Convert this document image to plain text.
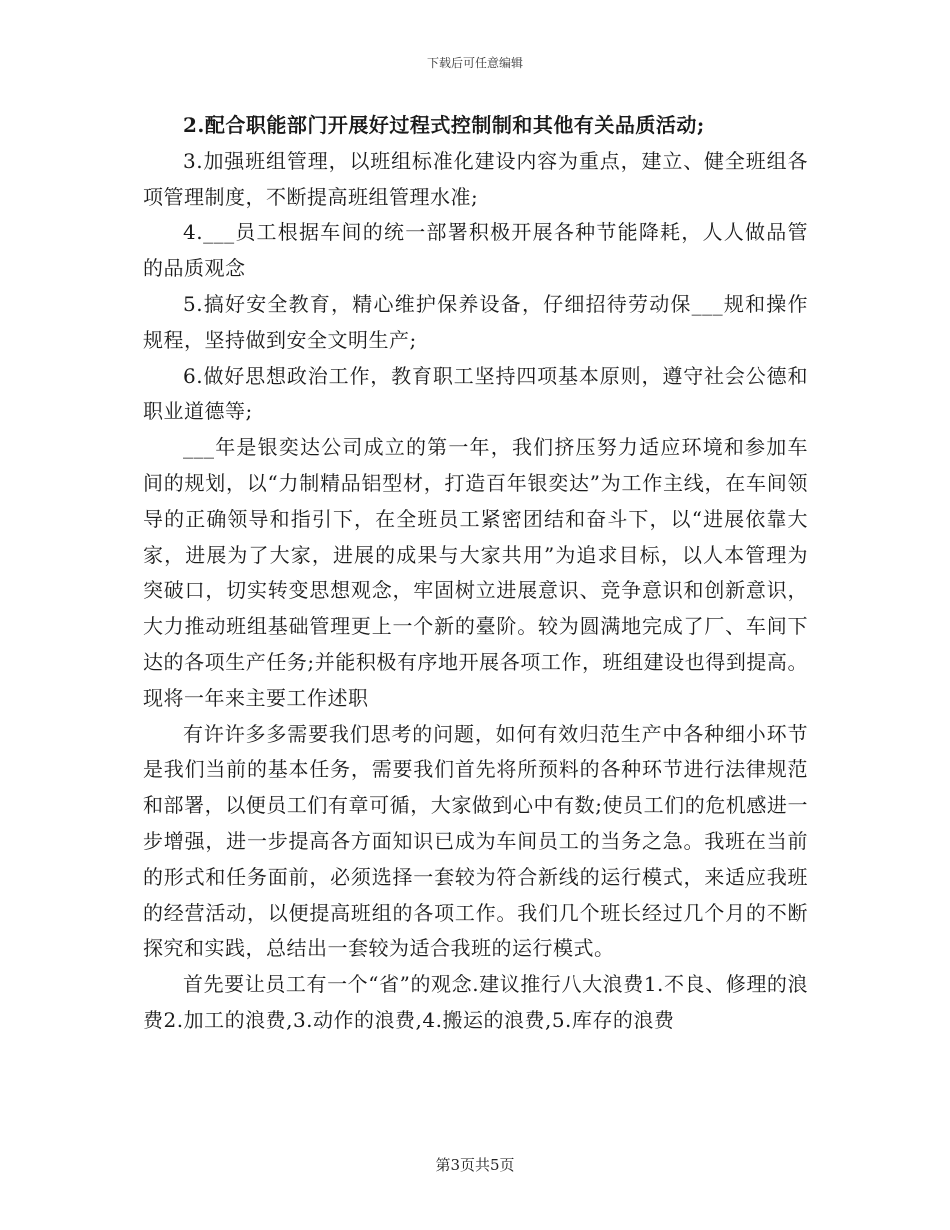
下载后可任意编辑

2.配合职能部门开展好过程式控制制和其他有关品质活动;

3.加强班组管理，以班组标准化建设内容为重点，建立、健全班组各项管理制度，不断提高班组管理水准;

4.___员工根据车间的统一部署积极开展各种节能降耗，人人做品管的品质观念

5.搞好安全教育，精心维护保养设备，仔细招待劳动保___规和操作规程，坚持做到安全文明生产;

6.做好思想政治工作，教育职工坚持四项基本原则，遵守社会公德和职业道德等;

___年是银奕达公司成立的第一年，我们挤压努力适应环境和参加车间的规划，以“力制精品铝型材，打造百年银奕达”为工作主线，在车间领导的正确领导和指引下，在全班员工紧密团结和奋斗下，以“进展依靠大家，进展为了大家，进展的成果与大家共用”为追求目标，以人本管理为突破口，切实转变思想观念，牢固树立进展意识、竞争意识和创新意识，大力推动班组基础管理更上一个新的臺阶。较为圆满地完成了厂、车间下达的各项生产任务;并能积极有序地开展各项工作，班组建设也得到提高。现将一年来主要工作述职

有许许多多需要我们思考的问题，如何有效归范生产中各种细小环节是我们当前的基本任务，需要我们首先将所预料的各种环节进行法律规范和部署，以便员工们有章可循，大家做到心中有数;使员工们的危机感进一步增强，进一步提高各方面知识已成为车间员工的当务之急。我班在当前的形式和任务面前，必须选择一套较为符合新线的运行模式，来适应我班的经营活动，以便提高班组的各项工作。我们几个班长经过几个月的不断探究和实践，总结出一套较为适合我班的运行模式。

首先要让员工有一个“省”的观念.建议推行八大浪费1.不良、修理的浪费2.加工的浪费,3.动作的浪费,4.搬运的浪费,5.库存的浪费

第3页共5页
